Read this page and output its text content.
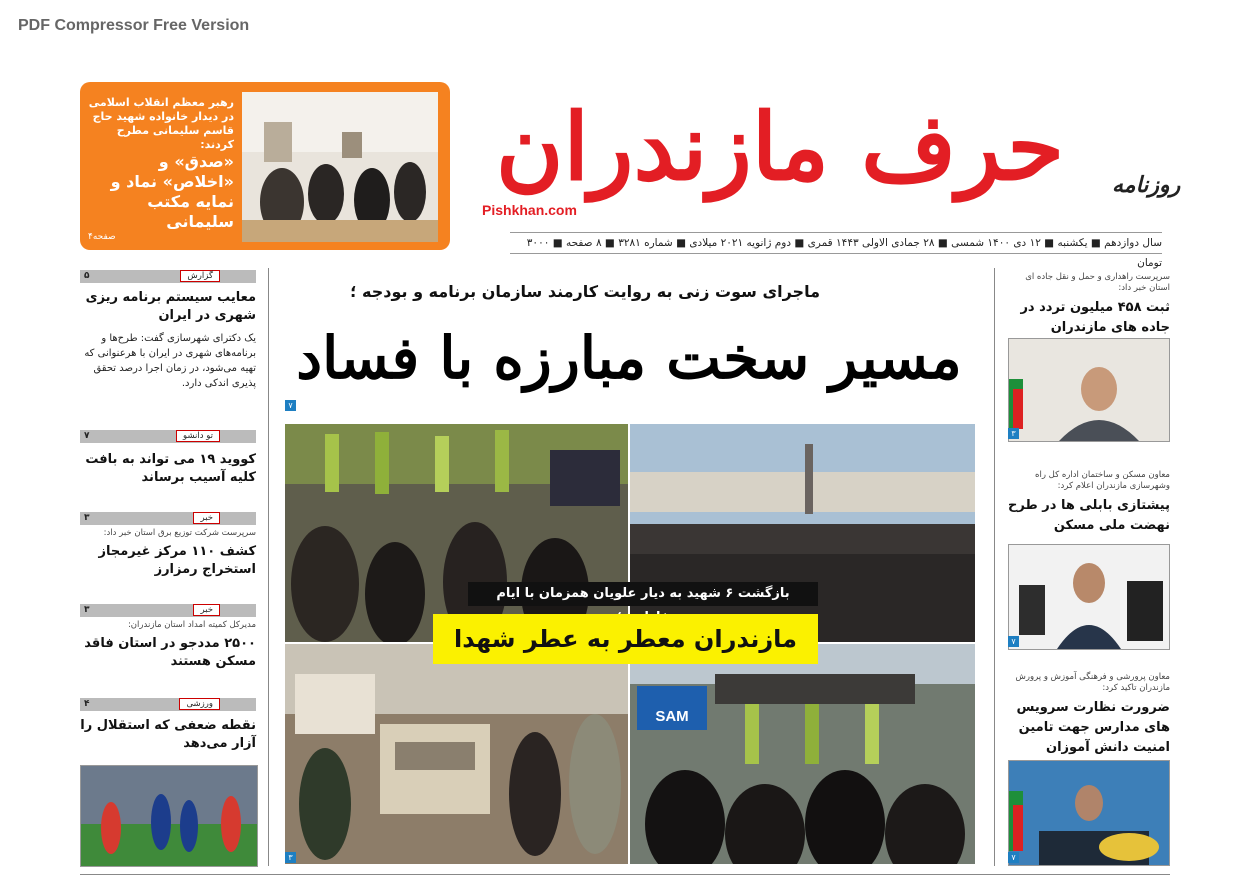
PDF Compressor Free Version
رهبر معظم انقلاب اسلامی در دیدار خانواده شهید حاج قاسم سلیمانی مطرح کردند:
«صدق» و «اخلاص» نماد و نمایه مکتب سلیمانی
صفحه۴
حرف مازندران	روزنامه
Pishkhan.com
سال دوازدهم ■ یکشنبه ■ ۱۲ دی ۱۴۰۰ شمسی ■ ۲۸ جمادی الاولی ۱۴۴۳ قمری ■ دوم ژانویه ۲۰۲۱ میلادی ■ شماره ۳۲۸۱ ■ ۸ صفحه ■ ۳۰۰۰ تومان
گزارش
۵
معایب سیستم برنامه ریزی شهری در ایران
یک دکترای شهرسازی گفت: طرح‌ها و برنامه‌های شهری در ایران با هرعنوانی که تهیه می‌شود، در زمان اجرا درصد تحقق پذیری اندکی دارد.
تو دانشو
۷
کووید ۱۹ می تواند به بافت کلیه آسیب برساند
خبر
۳
سرپرست شرکت توزیع برق استان خبر داد:
کشف ۱۱۰ مرکز غیرمجاز استخراج رمزارز
خبر
۳
مدیرکل کمیته امداد استان مازندران:
۲۵۰۰ مددجو در استان فاقد مسکن هستند
ورزشی
۴
نقطه ضعفی که استقلال را آزار می‌دهد
ماجرای سوت زنی به روایت کارمند سازمان برنامه و بودجه ؛
مسیر سخت مبارزه با فساد
۷
SAM
بازگشت ۶ شهید به دیار علویان همزمان با ایام
مازندران معطر به عطر شهدا
۳
سرپرست راهداری و حمل و نقل جاده ای استان خبر داد:
ثبت ۴۵۸ میلیون تردد در جاده های مازندران
۳
معاون مسکن و ساختمان اداره کل راه وشهرسازی مازندران اعلام کرد:
پیشتازی بابلی ها در طرح نهضت ملی مسکن
۷
معاون پرورشی و فرهنگی آموزش و پرورش مازندران تاکید کرد:
ضرورت نظارت سرویس های مدارس جهت تامین امنیت دانش آموزان
۷
